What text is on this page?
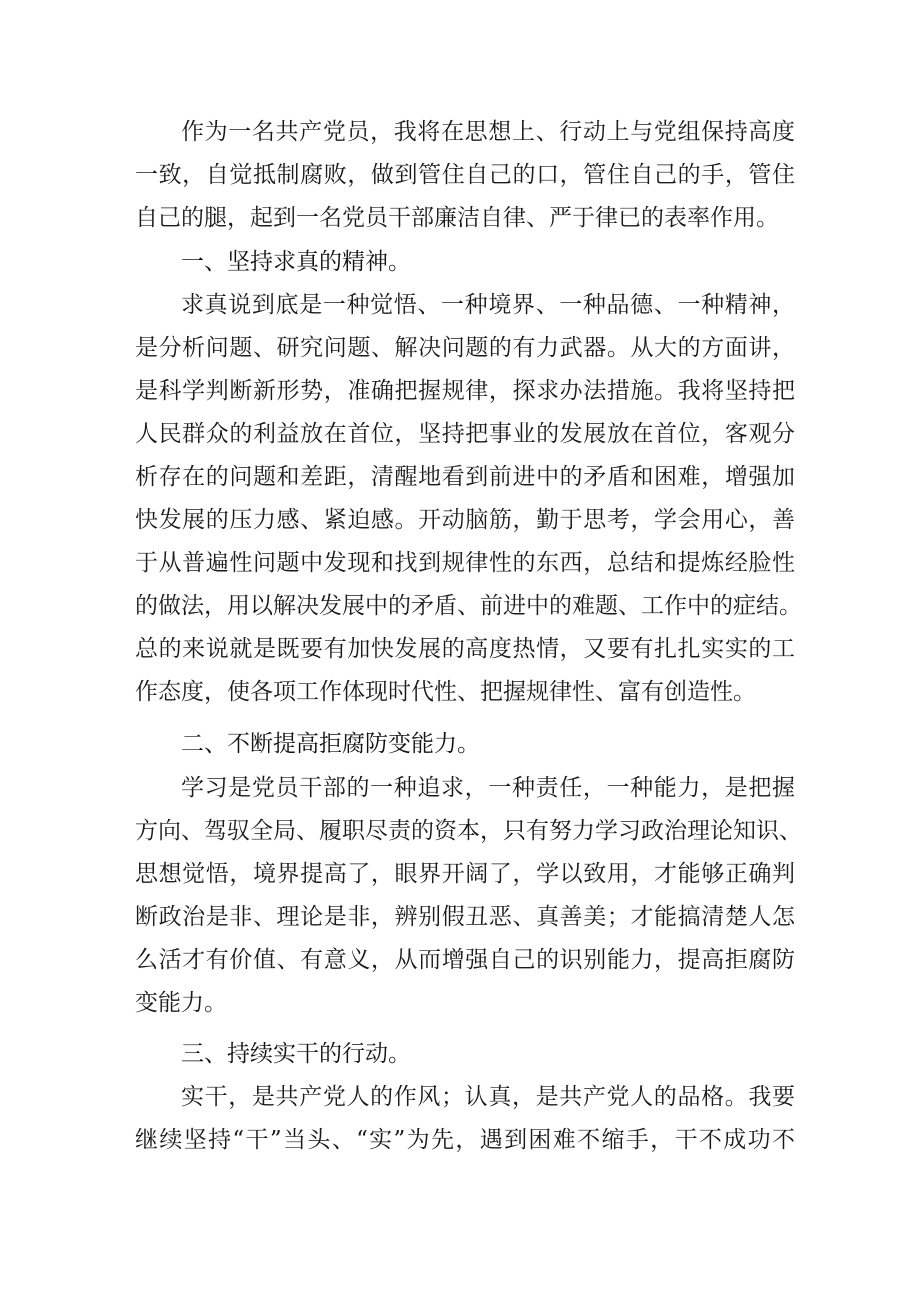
作为一名共产党员，我将在思想上、行动上与党组保持高度
一致，自觉抵制腐败，做到管住自己的口，管住自己的手，管住
自己的腿，起到一名党员干部廉洁自律、严于律已的表率作用。
一、坚持求真的精神。
求真说到底是一种觉悟、一种境界、一种品德、一种精神，
是分析问题、研究问题、解决问题的有力武器。从大的方面讲，
是科学判断新形势，准确把握规律，探求办法措施。我将坚持把
人民群众的利益放在首位，坚持把事业的发展放在首位，客观分
析存在的问题和差距，清醒地看到前进中的矛盾和困难，增强加
快发展的压力感、紧迫感。开动脑筋，勤于思考，学会用心，善
于从普遍性问题中发现和找到规律性的东西，总结和提炼经脸性
的做法，用以解决发展中的矛盾、前进中的难题、工作中的症结。
总的来说就是既要有加快发展的高度热情，又要有扎扎实实的工
作态度，使各项工作体现时代性、把握规律性、富有创造性。
二、不断提高拒腐防变能力。
学习是党员干部的一种追求，一种责任，一种能力，是把握
方向、驾驭全局、履职尽责的资本，只有努力学习政治理论知识、
思想觉悟，境界提高了，眼界开阔了，学以致用，才能够正确判
断政治是非、理论是非，辨别假丑恶、真善美；才能搞清楚人怎
么活才有价值、有意义，从而增强自己的识别能力，提高拒腐防
变能力。
三、持续实干的行动。
实干，是共产党人的作风；认真，是共产党人的品格。我要
继续坚持“干”当头、“实”为先，遇到困难不缩手，干不成功不
